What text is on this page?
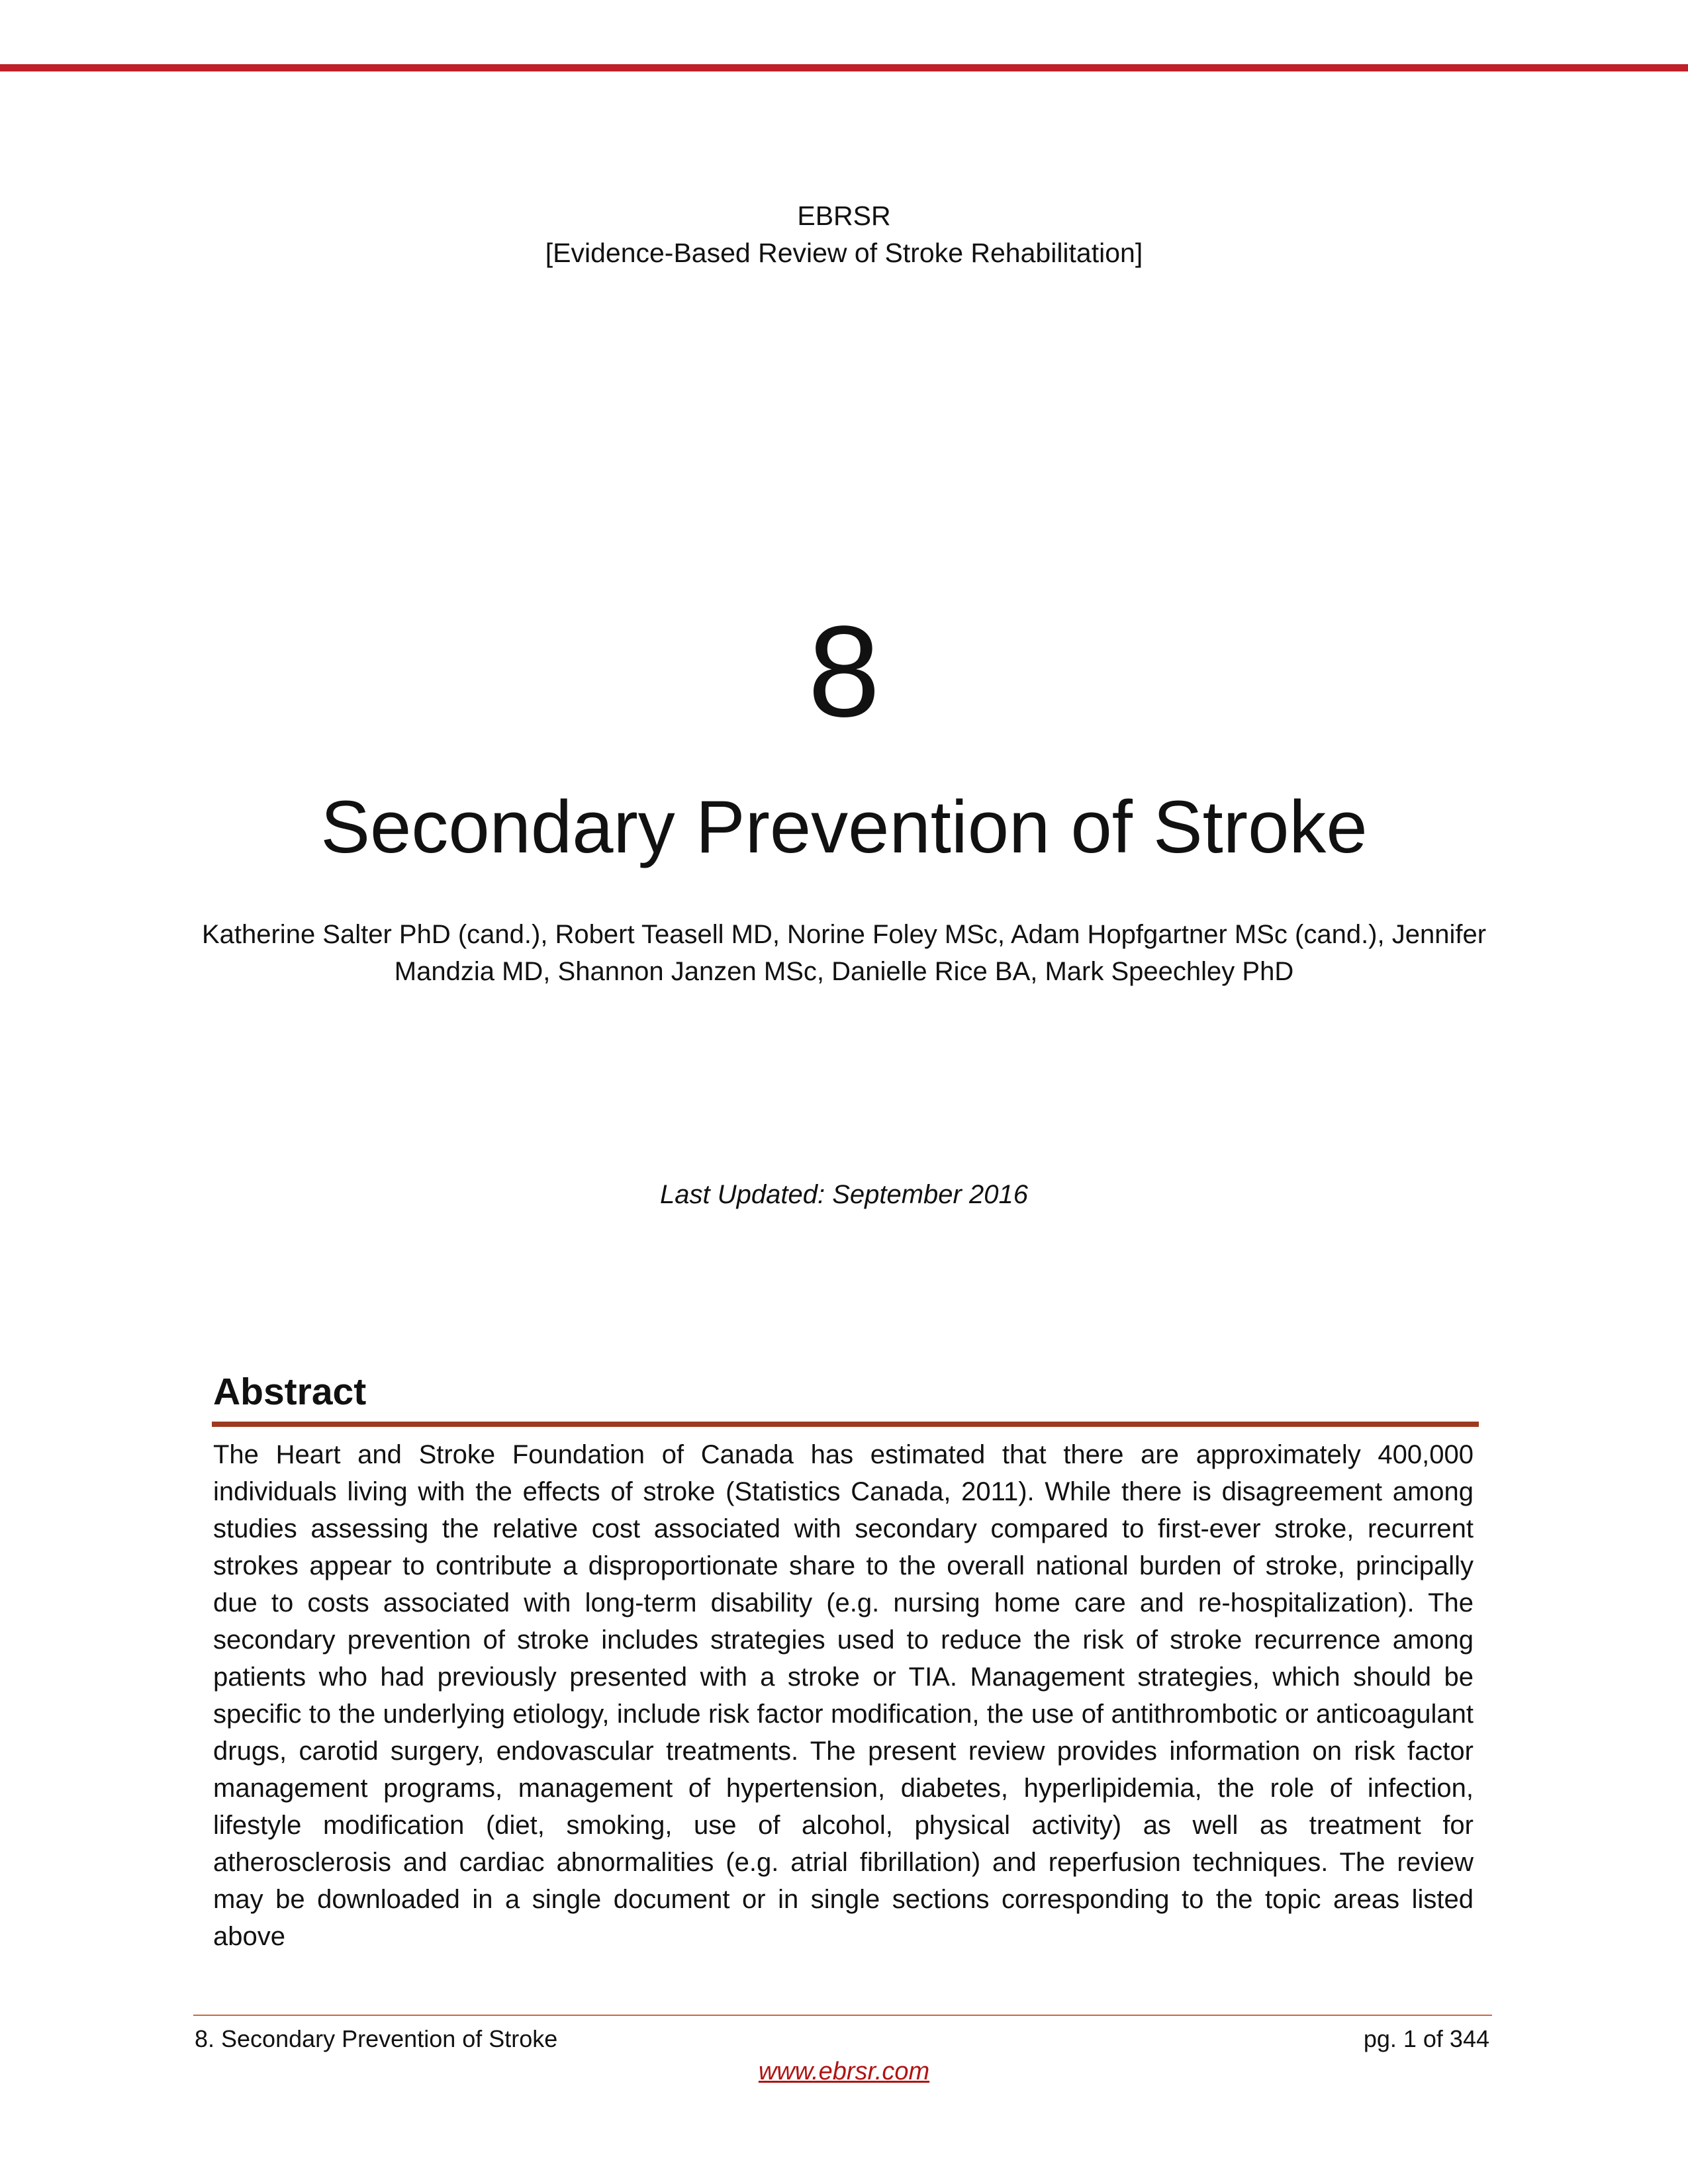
EBRSR
[Evidence-Based Review of Stroke Rehabilitation]
8
Secondary Prevention of Stroke
Katherine Salter PhD (cand.), Robert Teasell MD, Norine Foley MSc, Adam Hopfgartner MSc (cand.), Jennifer Mandzia MD, Shannon Janzen MSc, Danielle Rice BA, Mark Speechley PhD
Last Updated: September 2016
Abstract
The Heart and Stroke Foundation of Canada has estimated that there are approximately 400,000 individuals living with the effects of stroke (Statistics Canada, 2011). While there is disagreement among studies assessing the relative cost associated with secondary compared to first-ever stroke, recurrent strokes appear to contribute a disproportionate share to the overall national burden of stroke, principally due to costs associated with long-term disability (e.g. nursing home care and re-hospitalization). The secondary prevention of stroke includes strategies used to reduce the risk of stroke recurrence among patients who had previously presented with a stroke or TIA. Management strategies, which should be specific to the underlying etiology, include risk factor modification, the use of antithrombotic or anticoagulant drugs, carotid surgery, endovascular treatments. The present review provides information on risk factor management programs, management of hypertension, diabetes, hyperlipidemia, the role of infection, lifestyle modification (diet, smoking, use of alcohol, physical activity) as well as treatment for atherosclerosis and cardiac abnormalities (e.g. atrial fibrillation) and reperfusion techniques. The review may be downloaded in a single document or in single sections corresponding to the topic areas listed above
8. Secondary Prevention of Stroke	pg. 1 of 344
www.ebrsr.com
